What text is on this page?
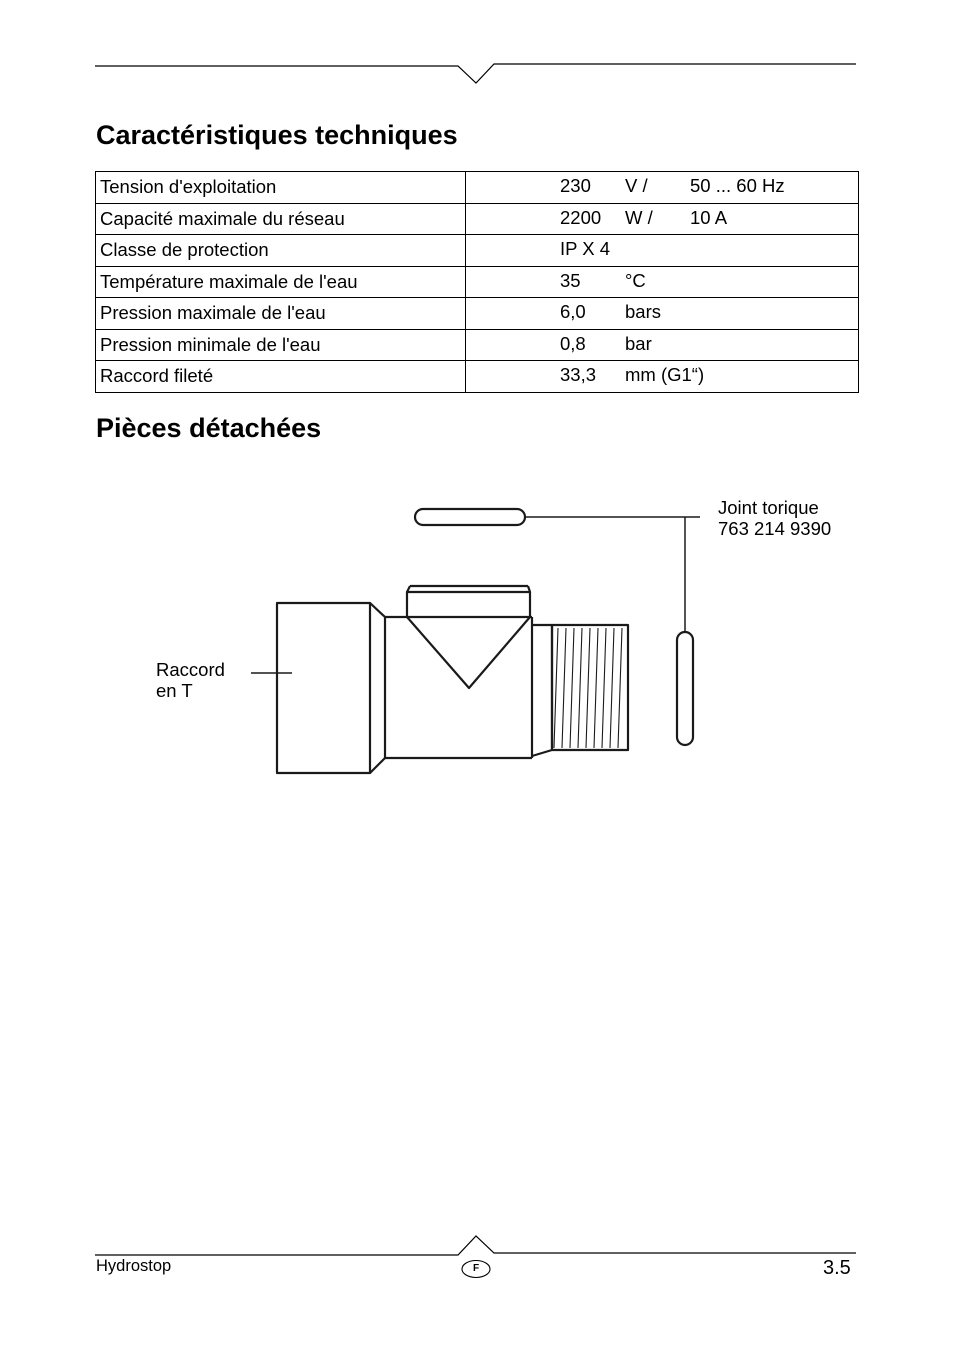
Caractéristiques techniques
Tension d'exploitation	230 V / 50 ... 60 Hz

Capacité maximale du réseau	2200 W / 10 A

Classe de protection	IP X 4

Température maximale de l'eau	35 °C

Pression maximale de l'eau	6,0 bars

Pression minimale de l'eau	0,8 bar

Raccord fileté	33,3 mm (G1“)
Pièces détachées

Joint torique
763 214 9390

Raccord
en T

Hydrostop	F	3.5
